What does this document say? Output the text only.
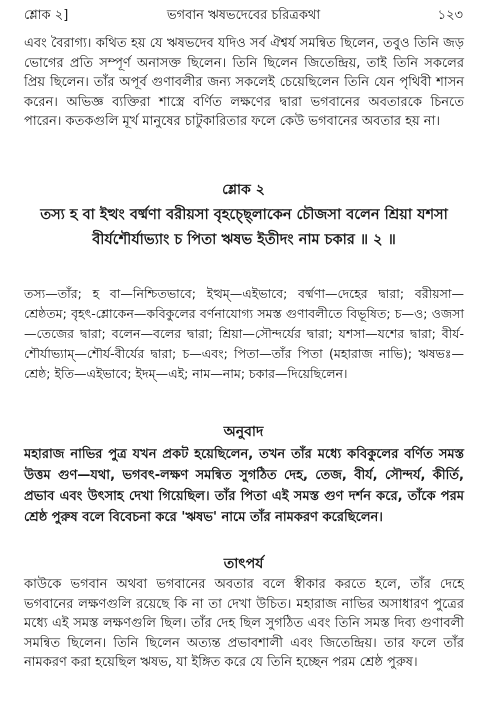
শ্লোক ২]	ভগবান ঋষভদেবের চরিত্রকথা	১২৩
এবং বৈরাগ্য। কথিত হয় যে ঋষভদেব যদিও সর্ব ঐশ্বর্য সমন্বিত ছিলেন, তবুও তিনি জড় ভোগের প্রতি সম্পূর্ণ অনাসক্ত ছিলেন। তিনি ছিলেন জিতেন্দ্রিয়, তাই তিনি সকলের প্রিয় ছিলেন। তাঁর অপূর্ব গুণাবলীর জন্য সকলেই চেয়েছিলেন তিনি যেন পৃথিবী শাসন করেন। অভিজ্ঞ ব্যক্তিরা শাস্ত্রে বর্ণিত লক্ষণের দ্বারা ভগবানের অবতারকে চিনতে পারেন। কতকগুলি মূর্খ মানুষের চাটুকারিতার ফলে কেউ ভগবানের অবতার হয় না।
শ্লোক ২
তস্য হ বা ইত্থং বর্ষ্মণা বরীয়সা বৃহচ্ছ্লোকেন চৌজসা বলেন শ্রিয়া যশসা বীর্যশৌর্যাভ্যাং চ পিতা ঋষভ ইতীদং নাম চকার ॥ ২ ॥
তস্য—তাঁর; হ বা—নিশ্চিতভাবে; ইত্থম্—এইভাবে; বর্ষ্মণা—দেহের দ্বারা; বরীয়সা—শ্রেষ্ঠতম; বৃহৎ-শ্লোকেন—কবিকুলের বর্ণনাযোগ্য সমস্ত গুণাবলীতে বিভূষিত; চ—ও; ওজসা—তেজের দ্বারা; বলেন—বলের দ্বারা; শ্রিয়া—সৌন্দর্যের দ্বারা; যশসা—যশের দ্বারা; বীর্য-শৌর্যাভ্যাম্—শৌর্য-বীর্যের দ্বারা; চ—এবং; পিতা—তাঁর পিতা (মহারাজ নাভি); ঋষভঃ—শ্রেষ্ঠ; ইতি—এইভাবে; ইদম্—এই; নাম—নাম; চকার—দিয়েছিলেন।
অনুবাদ
মহারাজ নাভির পুত্র যখন প্রকট হয়েছিলেন, তখন তাঁর মধ্যে কবিকুলের বর্ণিত সমস্ত উত্তম গুণ—যথা, ভগবৎ-লক্ষণ সমন্বিত সুগঠিত দেহ, তেজ, বীর্য, সৌন্দর্য, কীর্তি, প্রভাব এবং উৎসাহ দেখা গিয়েছিল। তাঁর পিতা এই সমস্ত গুণ দর্শন করে, তাঁকে পরম শ্রেষ্ঠ পুরুষ বলে বিবেচনা করে 'ঋষভ' নামে তাঁর নামকরণ করেছিলেন।
তাৎপর্য
কাউকে ভগবান অথবা ভগবানের অবতার বলে স্বীকার করতে হলে, তাঁর দেহে ভগবানের লক্ষণগুলি রয়েছে কি না তা দেখা উচিত। মহারাজ নাভির অসাধারণ পুত্রের মধ্যে এই সমস্ত লক্ষণগুলি ছিল। তাঁর দেহ ছিল সুগঠিত এবং তিনি সমস্ত দিব্য গুণাবলী সমন্বিত ছিলেন। তিনি ছিলেন অত্যন্ত প্রভাবশালী এবং জিতেন্দ্রিয়। তার ফলে তাঁর নামকরণ করা হয়েছিল ঋষভ, যা ইঙ্গিত করে যে তিনি হচ্ছেন পরম শ্রেষ্ঠ পুরুষ।
